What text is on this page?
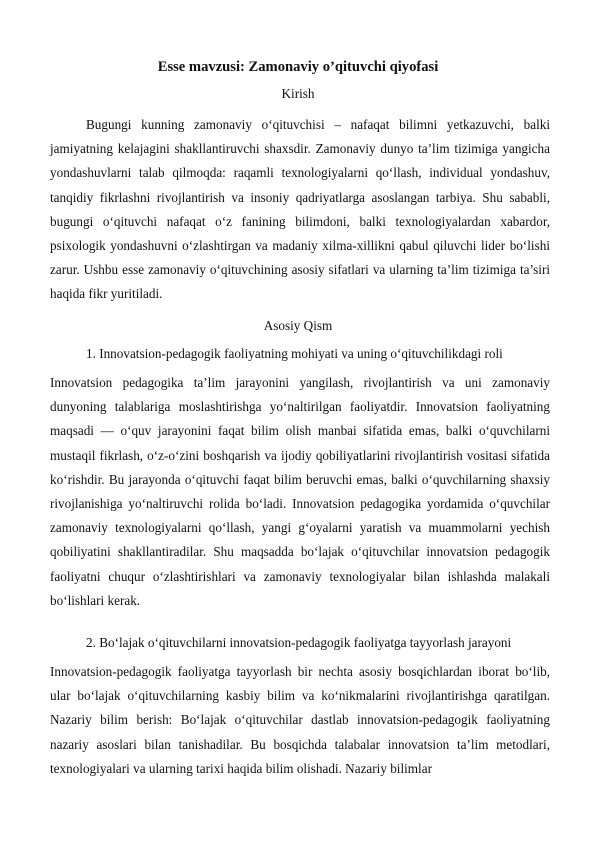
Esse mavzusi: Zamonaviy o’qituvchi qiyofasi
Kirish

Bugungi kunning zamonaviy o‘qituvchisi – nafaqat bilimni yetkazuvchi, balki jamiyatning kelajagini shakllantiruvchi shaxsdir. Zamonaviy dunyo ta’lim tizimiga yangicha yondashuvlarni talab qilmoqda: raqamli texnologiyalarni qo‘llash, individual yondashuv, tanqidiy fikrlashni rivojlantirish va insoniy qadriyatlarga asoslangan tarbiya. Shu sababli, bugungi o‘qituvchi nafaqat o‘z fanining bilimdoni, balki texnologiyalardan xabardor, psixologik yondashuvni o‘zlashtirgan va madaniy xilma-xillikni qabul qiluvchi lider bo‘lishi zarur. Ushbu esse zamonaviy o‘qituvchining asosiy sifatlari va ularning ta’lim tizimiga ta’siri haqida fikr yuritiladi.

Asosiy Qism
1. Innovatsion-pedagogik faoliyatning mohiyati va uning o‘qituvchilikdagi roli

Innovatsion pedagogika ta’lim jarayonini yangilash, rivojlantirish va uni zamonaviy dunyoning talablariga moslashtirishga yo‘naltirilgan faoliyatdir. Innovatsion faoliyatning maqsadi — o‘quv jarayonini faqat bilim olish manbai sifatida emas, balki o‘quvchilarni mustaqil fikrlash, o‘z-o‘zini boshqarish va ijodiy qobiliyatlarini rivojlantirish vositasi sifatida ko‘rishdir. Bu jarayonda o‘qituvchi faqat bilim beruvchi emas, balki o‘quvchilarning shaxsiy rivojlanishiga yo‘naltiruvchi rolida bo‘ladi. Innovatsion pedagogika yordamida o‘quvchilar zamonaviy texnologiyalarni qo‘llash, yangi g‘oyalarni yaratish va muammolarni yechish qobiliyatini shakllantiradilar. Shu maqsadda bo‘lajak o‘qituvchilar innovatsion pedagogik faoliyatni chuqur o‘zlashtirishlari va zamonaviy texnologiyalar bilan ishlashda malakali bo‘lishlari kerak.

2. Bo‘lajak o‘qituvchilarni innovatsion-pedagogik faoliyatga tayyorlash jarayoni

Innovatsion-pedagogik faoliyatga tayyorlash bir nechta asosiy bosqichlardan iborat bo‘lib, ular bo‘lajak o‘qituvchilarning kasbiy bilim va ko‘nikmalarini rivojlantirishga qaratilgan. Nazariy bilim berish: Bo‘lajak o‘qituvchilar dastlab innovatsion-pedagogik faoliyatning nazariy asoslari bilan tanishadilar. Bu bosqichda talabalar innovatsion ta’lim metodlari, texnologiyalari va ularning tarixi haqida bilim olishadi. Nazariy bilimlar
